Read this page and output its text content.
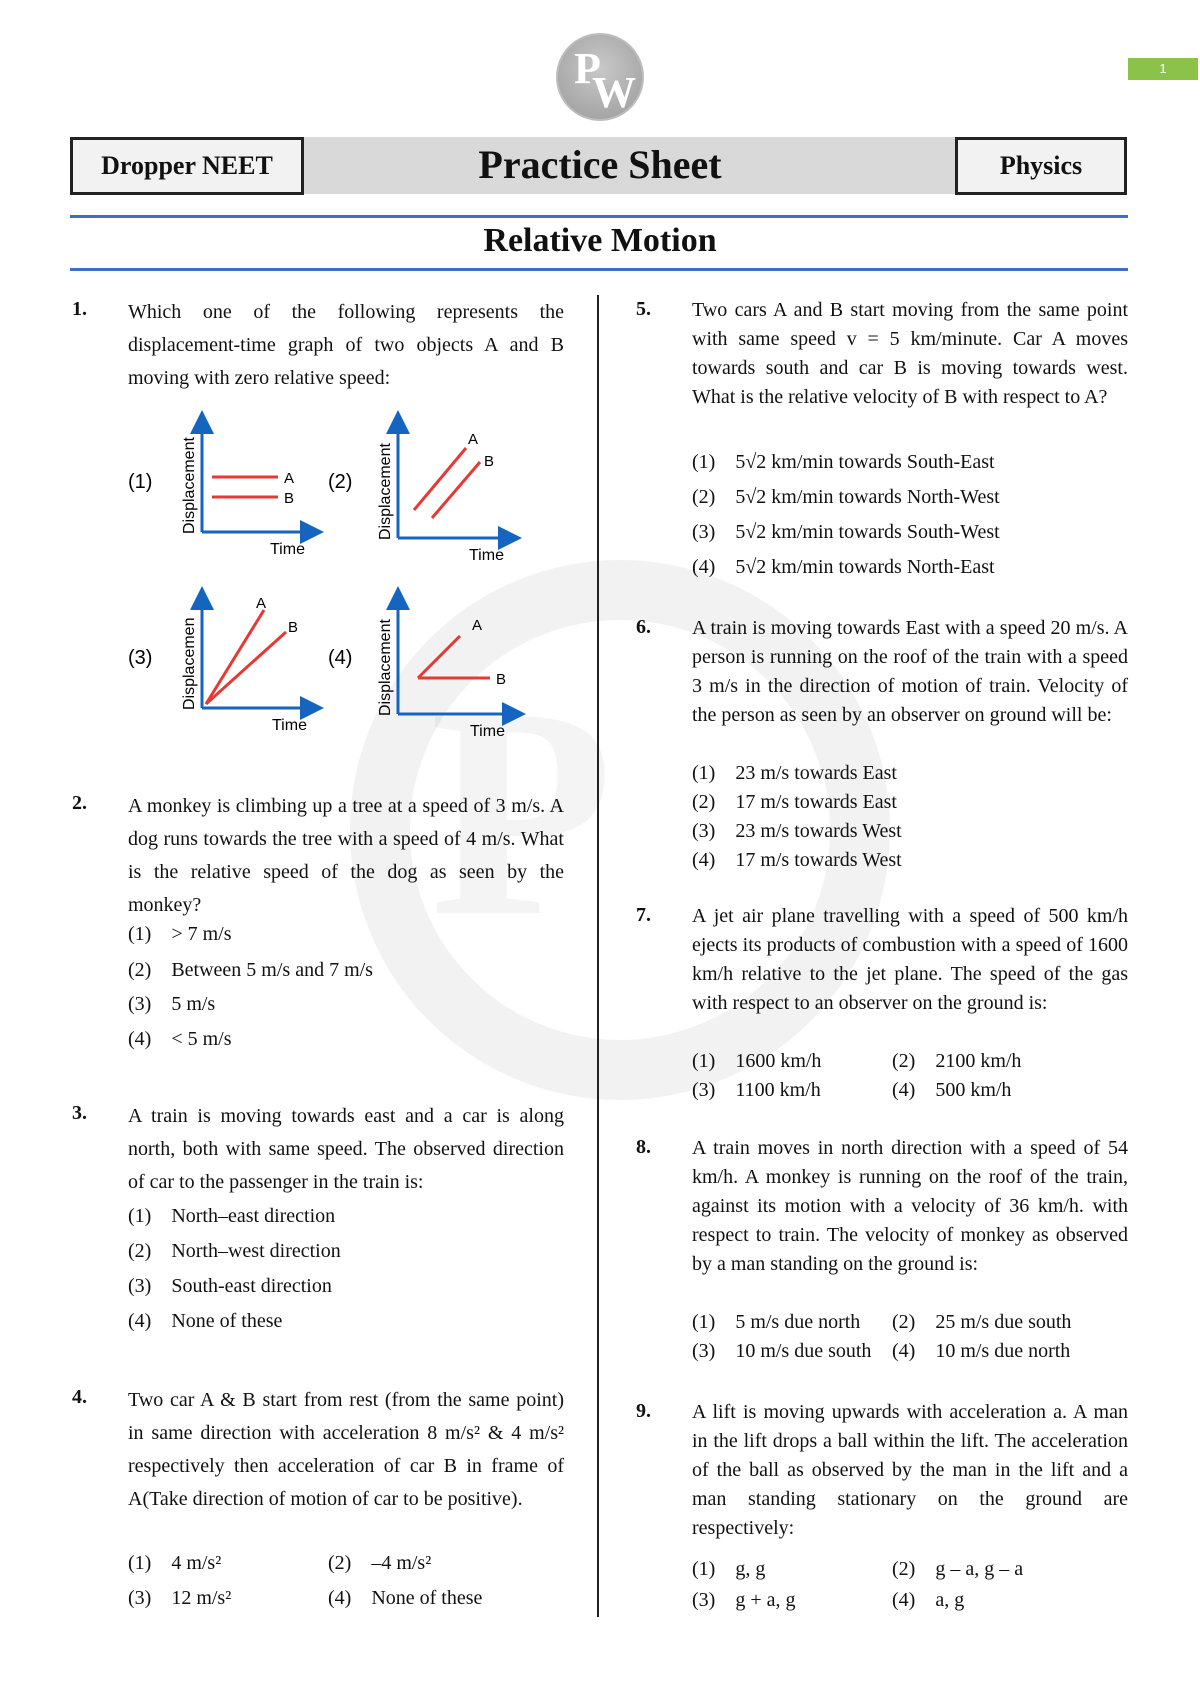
P
W	1
Dropper NEET	Practice Sheet	Physics
Relative Motion
1. Which one of the following represents the displacement-time graph of two objects A and B moving with zero relative speed:
(1)	A
B
Displacement
Time
(2)
A
B
Displacement
Time
(3)
A
B
Displacemen
Time
(4)
A
B
Displacement
Time
2. A monkey is climbing up a tree at a speed of 3 m/s. A dog runs towards the tree with a speed of 4 m/s. What is the relative speed of the dog as seen by the monkey?
(1) > 7 m/s
(2) Between 5 m/s and 7 m/s
(3) 5 m/s
(4) < 5 m/s
3. A train is moving towards east and a car is along north, both with same speed. The observed direction of car to the passenger in the train is:
(1) North–east direction
(2) North–west direction
(3) South-east direction
(4) None of these
4. Two car A & B start from rest (from the same point) in same direction with acceleration 8 m/s² & 4 m/s² respectively then acceleration of car B in frame of A(Take direction of motion of car to be positive).
(1) 4 m/s²	(2) –4 m/s²
(3) 12 m/s²	(4) None of these
5. Two cars A and B start moving from the same point with same speed v = 5 km/minute. Car A moves towards south and car B is moving towards west. What is the relative velocity of B with respect to A?
(1) 5√2 km/min towards South-East
(2) 5√2 km/min towards North-West
(3) 5√2 km/min towards South-West
(4) 5√2 km/min towards North-East
6. A train is moving towards East with a speed 20 m/s. A person is running on the roof of the train with a speed 3 m/s in the direction of motion of train. Velocity of the person as seen by an observer on ground will be:
(1) 23 m/s towards East
(2) 17 m/s towards East
(3) 23 m/s towards West
(4) 17 m/s towards West
7. A jet air plane travelling with a speed of 500 km/h ejects its products of combustion with a speed of 1600 km/h relative to the jet plane. The speed of the gas with respect to an observer on the ground is:
(1) 1600 km/h	(2) 2100 km/h
(3) 1100 km/h	(4) 500 km/h
8. A train moves in north direction with a speed of 54 km/h. A monkey is running on the roof of the train, against its motion with a velocity of 36 km/h. with respect to train. The velocity of monkey as observed by a man standing on the ground is:
(1) 5 m/s due north (2) 25 m/s due south
(3) 10 m/s due south (4) 10 m/s due north
9. A lift is moving upwards with acceleration a. A man in the lift drops a ball within the lift. The acceleration of the ball as observed by the man in the lift and a man standing stationary on the ground are respectively:
(1) g, g	(2) g – a, g – a
(3) g + a, g	(4) a, g
